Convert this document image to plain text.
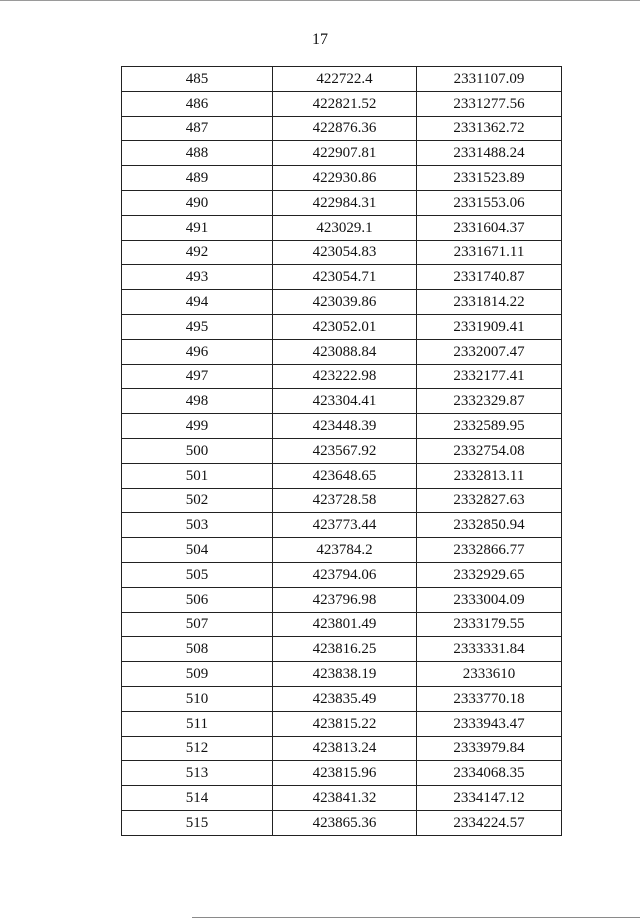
17
485	422722.4	2331107.09
486	422821.52	2331277.56
487	422876.36	2331362.72
488	422907.81	2331488.24
489	422930.86	2331523.89
490	422984.31	2331553.06
491	423029.1	2331604.37
492	423054.83	2331671.11
493	423054.71	2331740.87
494	423039.86	2331814.22
495	423052.01	2331909.41
496	423088.84	2332007.47
497	423222.98	2332177.41
498	423304.41	2332329.87
499	423448.39	2332589.95
500	423567.92	2332754.08
501	423648.65	2332813.11
502	423728.58	2332827.63
503	423773.44	2332850.94
504	423784.2	2332866.77
505	423794.06	2332929.65
506	423796.98	2333004.09
507	423801.49	2333179.55
508	423816.25	2333331.84
509	423838.19	2333610
510	423835.49	2333770.18
511	423815.22	2333943.47
512	423813.24	2333979.84
513	423815.96	2334068.35
514	423841.32	2334147.12
515	423865.36	2334224.57
